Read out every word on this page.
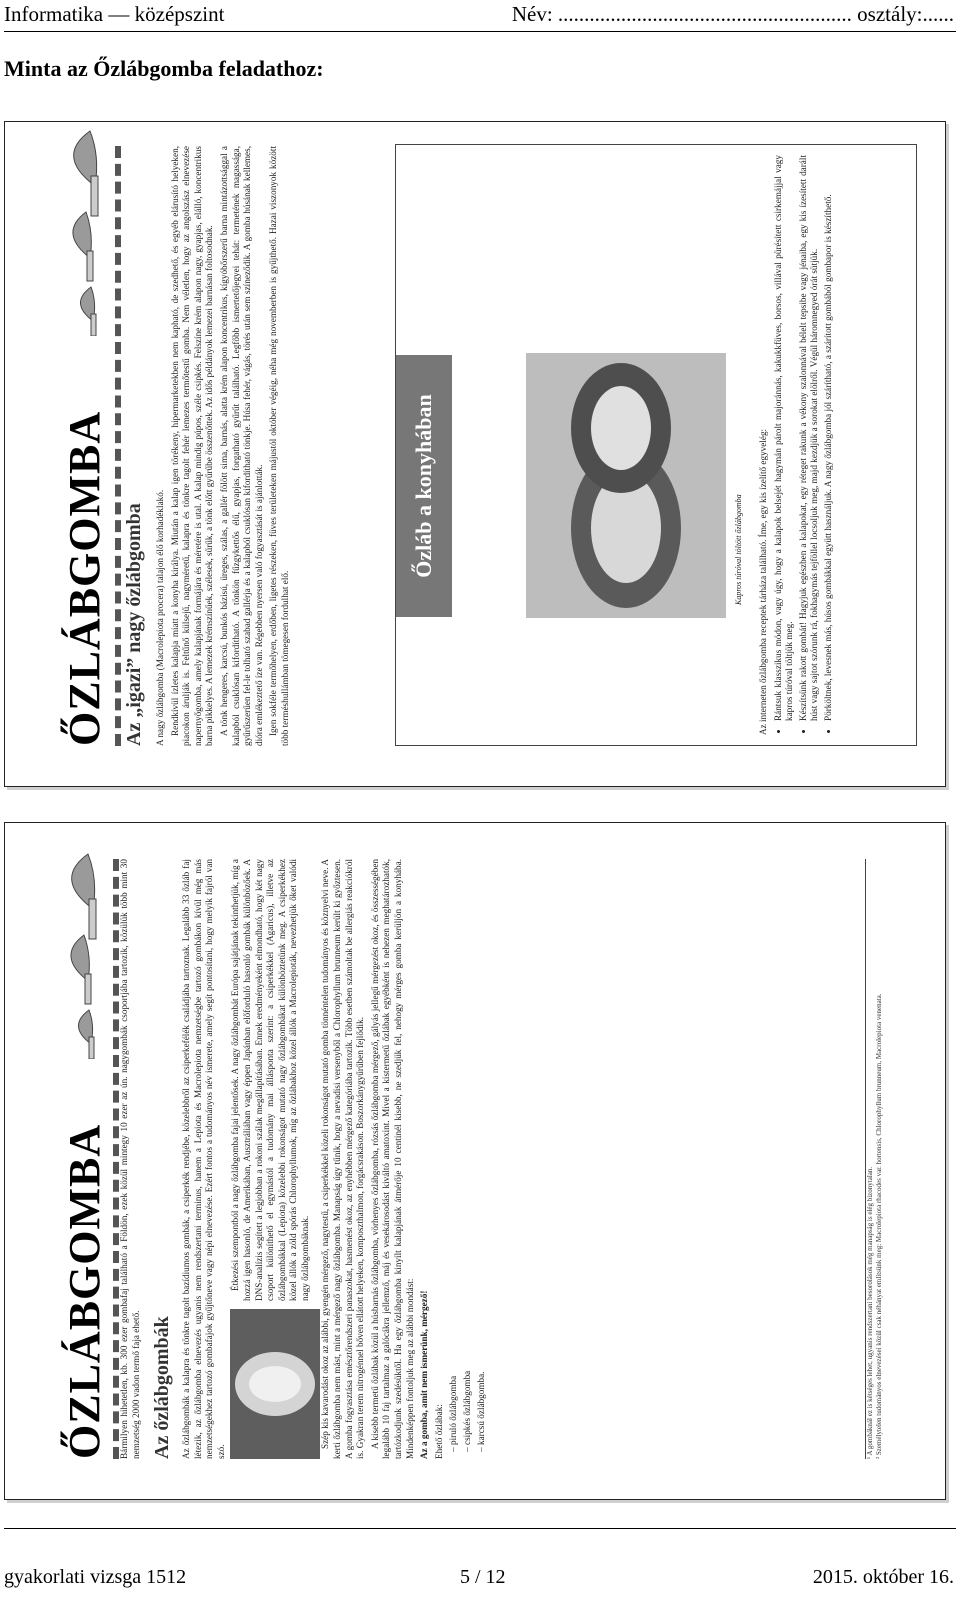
Informatika — középszint	Név: ........................................................ osztály:......
Minta az Őzlábgomba feladathoz:
ŐZLÁBGOMBA Az „igazi” nagy őzlábgomba A nagy őzlábgomba (Macrolepiota procera) talajon élő korhadéklakó. Rendkívül ízletes kalapja miatt a konyha királya. Miután a kalap igen törékeny, hipermarketekben nem kapható, de szedhető, és egyéb elárusító helyeken, piacokon árulják is. Feltűnő külsejű, nagyméretű, kalapra és tönkre tagolt fehér lemezes termőtestű gomba. Nem véletlen, hogy az angolszász elnevezése napernyőgomba, amely kalapjának formájára és méretére is utal. A kalap mindig púpos, széle csipkés. Felszíne krém alapon nagy, gyapjas, elálló, koncentrikus barna pikkelyes. A lemezek krémszínűek, szélesek, sűrűk, a tönk előtt gyűrűbe összenőttek. Az idős példányok lemezei barnásan foltosodnak. A tönk hengeres, karcsú, bunkós bázisú, üreges, szálas, a gallér fölött sima, barnás, alatta krém alapon koncentrikus, kígyóbőrszerű barna mintázottsággal a kalapból csuklósan kifordítható. A tönkön fűzgykettős élű, gyapjas, forgatható gyűrűt található. Legfőbb ismertetőjegyei tehát: termetének magassága, gyűrűszerűen fel-le tolható szabad gallérja és a kalapból csuklósan kifordítható tönkje. Húsa fehér, vágás, törés után sem színeződik. A gomba húsának kellemes, dióra emlékeztető íze van. Régebben nyersen való fogyasztását is ajánlották. Igen sokféle termőhelyen, erdőben, ligetes részeken, füves területeken májustól október végéig, néha még novemberben is gyűjthető. Hazai viszonyok között több terméshullámban tömegesen fordulhat elő.

Őzláb a konyhában	Kapros túróval töltött őzlábgomba Az interneten őzlábgomba receptek tárháza található. Íme, egy kis ízelítő egyvelég: • Rántsuk klasszikus módon, vagy úgy, hogy a kalapok belsejét hagymán párolt majoránnás, kakukkfüves, borsos, villával pürésített csirkemájjal vagy kapros túróval töltjük meg. • Készítsünk rakott gombát! Hagyjuk egészben a kalapokat, egy réteget rakunk a vékony szalonnával bélelt tepsibe vagy jénaiba, egy kis ízesített darált húst vagy sajtot szórunk rá, fokhagymás tejföllel locsoljuk meg, majd kezdjük a sorokat elölről. Végül háromnegyed órát sütjük. • Pörköltnek, levesnek más, húsos gombákkal együtt használjuk. A nagy őzlábgomba jól szárítható, a szárított gombából gombapor is készíthető.
ŐZLÁBGOMBA Bármilyen hihetetlen, kb. 300 ezer gombafaj található a Földön, ezek közül mintegy 10 ezer az ún. nagygombák csoportjába tartozik, közülük több mint 30 nemzetség 2000 vadon termő faja ehető. Az őzlábgombák Az őzlábgombák a kalapra és tönkre tagolt bazídiumos gombák, a csiperkék rendjébe, közelebbről az csiperkefélék családjába tartoznak. Legalább 33 őzláb faj létezik, az őzlábgomba elnevezés ugyanis nem rendszertani terminus, hanem a Lepiota és Macrolepiota nemzetségbe tartozó gombákon kívül még más nemzetségekhez tartozó gombafajok gyűjtőneve vagy népi elnevezése. Ezért fontos a tudományos név ismerete, amely segít pontosítani, hogy melyik fajról van szó.

Étkezési szempontból a nagy őzlábgomba fajai jelentősek. A nagy őzlábgombát Európa sajátjának tekinthetjük, míg a hozzá igen hasonló, de Amerikában, Ausztráliában vagy éppen Japánban előforduló hasonló gombák különbözőek. A DNS-analízis segített a legjobban a rokoni szálak megállapításában. Ennek eredményeként elmondható, hogy két nagy csoport különíthető el egymástól a tudomány mai állásponta szerint: a csiperkékkel (Agaricus), illetve az őzlábgombákkal (Lepiota) közelebbi rokonságot mutató nagy őzlábgombákat különböztetünk meg. A csiperkékhez közel állók a zöld spórás Chlorophyllumok, míg az őzlábakhoz közel állók a Macrolepioták, nevezhetjük őket valódi nagy őzlábgombáknak.	Szép kis kavarodást okoz az alábbi, gyengén mérgező, nagytestű, a csiperkékkel közeli rokonságot mutató gomba tönnéntelen tudományos és köznyelvi neve. A kerti őzlábgomba nem mást, mint a mérgező nagy őzlábgomba. Manapság úgy tűnik, hogy a nevadisi versenyből a Chlorophyllum brunneum került ki győztesen. A gomba fogyasztása emésztőrendszeri panaszokat, hasmenést okoz, az enyhébben mérgező kategóriába tartozik. Több esetben számoltak be allergiás reakciókról is. Gyakran terem nitrogénnel bőven ellátott helyeken, komposzthalmon, forgácsrakáson. Boszorkánygyűrűben fejlődik. A kisebb termetű őzlábak közül a húsbarnás őzlábgomba, vörhenyes őzlábgomba, rózsás őzlábgomba mérgező, gályás jellegű mérgezést okoz, és összességében legalább 10 faj tartalmaz a galócákra jellemző, máj és vesekárosodást kiváltó amatoxint. Mivel a kistermetű őzlábak egyébként is nehezen meghatározhatók, tartózkodjunk szedésüktől. Ha egy őzlábgomba kinyílt kalapjának átmérője 10 centinél kisebb, ne szedjük fel, nehogy mérges gomba kerüljön a konyhába. Mindenképpen fontoljuk meg az alábbi mondást: Az a gomba, amit nem ismerünk, mérgező! Ehető őzlábak: – piruló őzlábgomba – csipkés őzlábgomba – karcsú őzlábgomba.	¹ A gombáknál ez is kétséges lehet, ugyanis rendszertani besorolások még manapság is elég bizonytalan. ² Személytelen tudományos elnevezései közül csak néhányat említsünk meg: Macrolepiota rhacodes var. hortensis, Chlorophyllum brunneum, Macrolepiota venenata.
gyakorlati vizsga 1512	5 / 12	2015. október 16.
